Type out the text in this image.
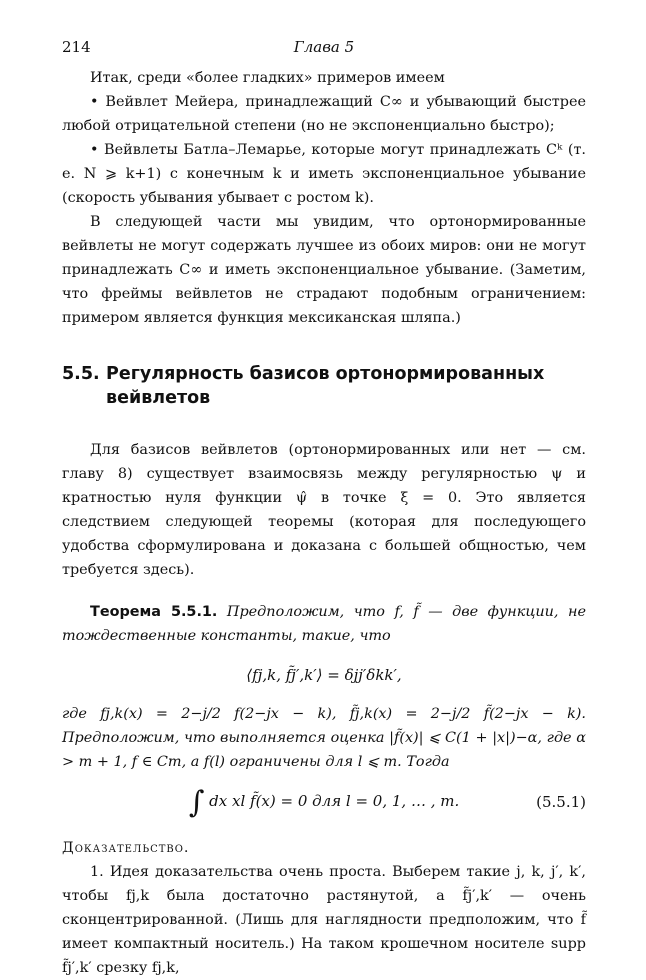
214	Глава 5

Итак, среди «более гладких» примеров имеем

• Вейвлет Мейера, принадлежащий C∞ и убывающий быстрее любой отрицательной степени (но не экспоненциально быстро);

• Вейвлеты Батла–Лемарье, которые могут принадлежать Cᵏ (т. е. N ⩾ k+1) с конечным k и иметь экспоненциальное убывание (скорость убывания убывает с ростом k).

В следующей части мы увидим, что ортонормированные вейвлеты не могут содержать лучшее из обоих миров: они не могут принадлежать C∞ и иметь экспоненциальное убывание. (Заметим, что фреймы вейвлетов не страдают подобным ограничением: примером является функция мексиканская шляпа.)

5.5. Регулярность базисов ортонормированных вейвлетов

Для базисов вейвлетов (ортонормированных или нет — см. главу 8) существует взаимосвязь между регулярностью ψ и кратностью нуля функции ψ̂ в точке ξ = 0. Это является следствием следующей теоремы (которая для последующего удобства сформулирована и доказана с большей общностью, чем требуется здесь).

Теорема 5.5.1. Предположим, что f, f̃ — две функции, не тождественные константы, такие, что

⟨fj,k, f̃j′,k′⟩ = δjj′δkk′,

где fj,k(x) = 2−j/2 f(2−jx − k), f̃j,k(x) = 2−j/2 f̃(2−jx − k). Предположим, что выполняется оценка |f̃(x)| ⩽ C(1 + |x|)−α, где α > m + 1, f ∈ Cm, а f(l) ограничены для l ⩽ m. Тогда

∫ dx xl f̃(x) = 0 для l = 0, 1, … , m.	(5.5.1)
Доказательство.

1. Идея доказательства очень проста. Выберем такие j, k, j′, k′, чтобы fj,k была достаточно растянутой, а f̃j′,k′ — очень сконцентрированной. (Лишь для наглядности предположим, что f̃ имеет компактный носитель.) На таком крошечном носителе supp f̃j′,k′ срезку fj,k,
